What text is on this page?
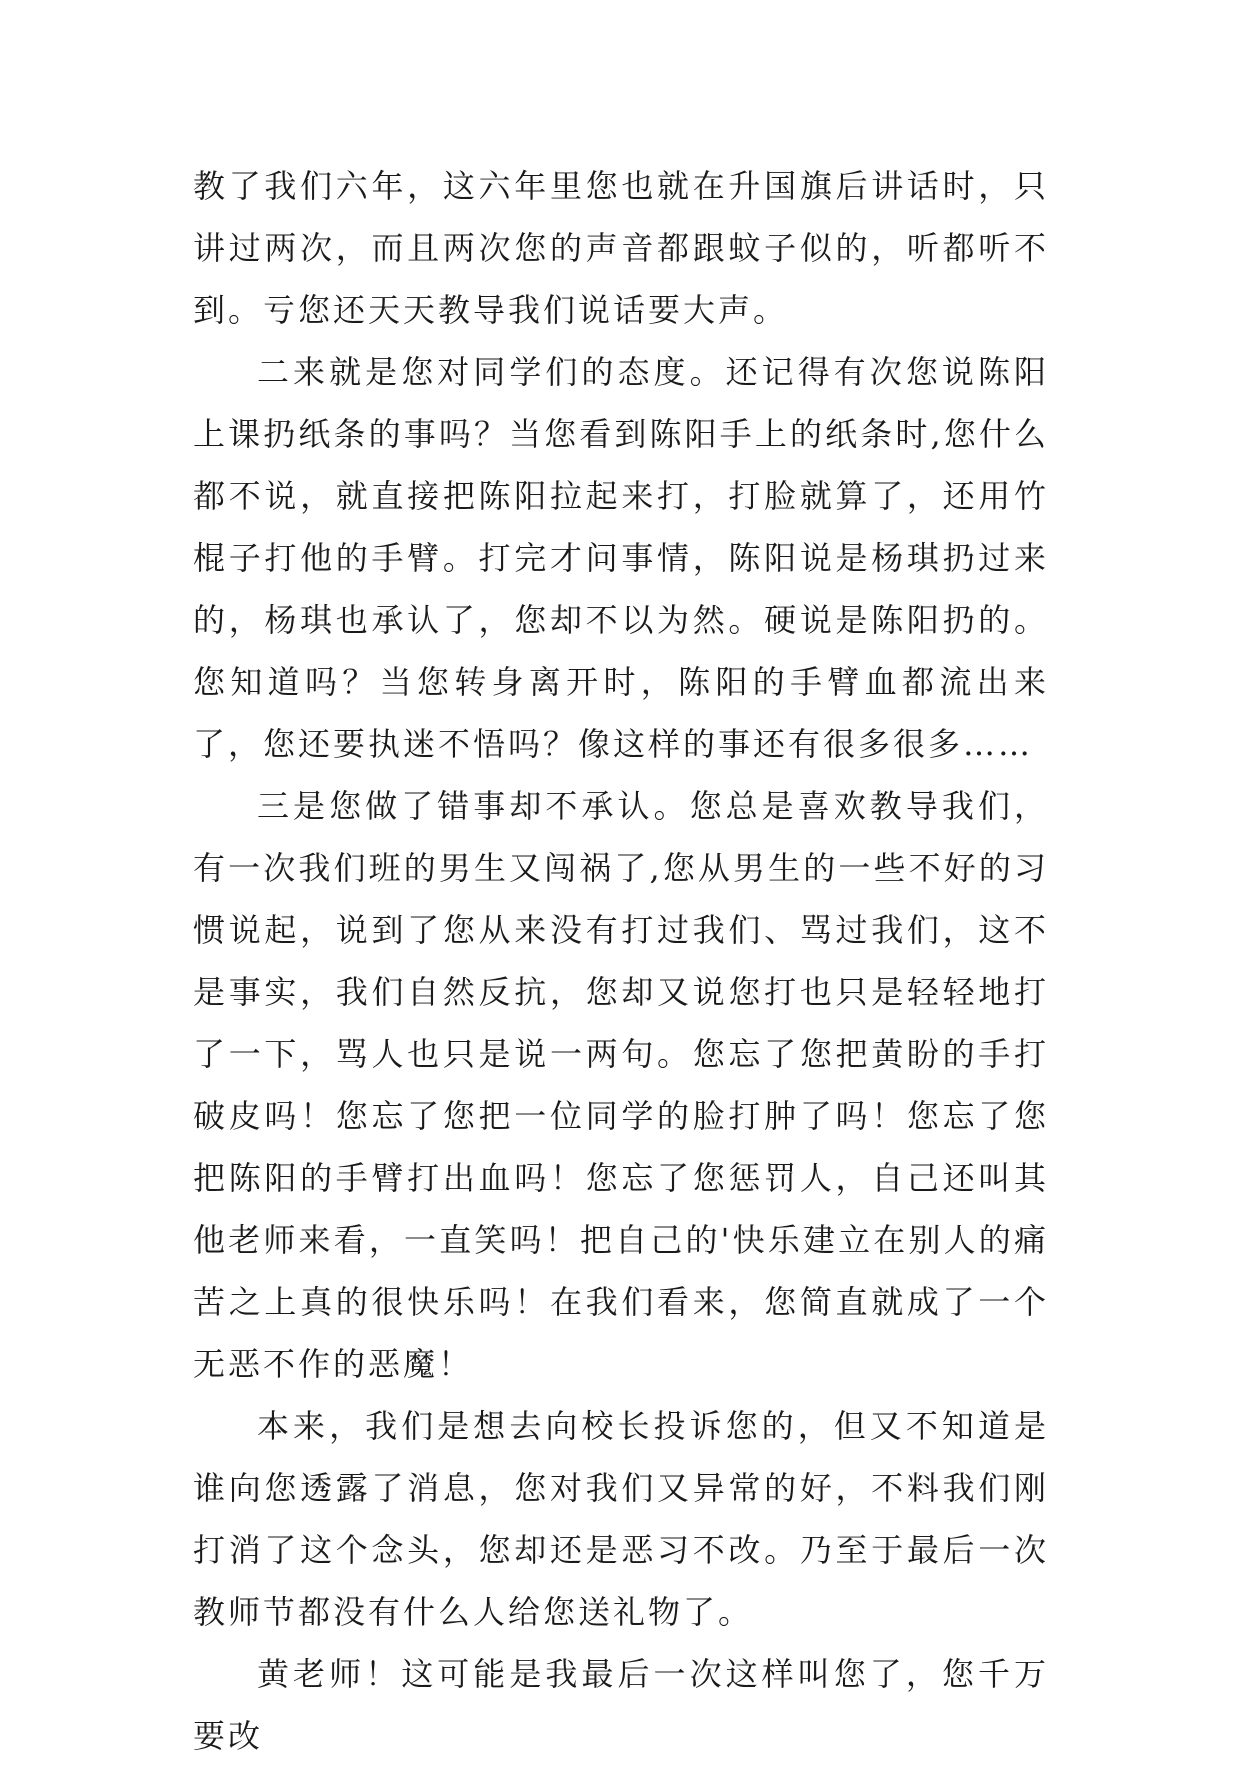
教了我们六年，这六年里您也就在升国旗后讲话时，只讲过两次，而且两次您的声音都跟蚊子似的，听都听不到。亏您还天天教导我们说话要大声。

二来就是您对同学们的态度。还记得有次您说陈阳上课扔纸条的事吗？当您看到陈阳手上的纸条时,您什么都不说，就直接把陈阳拉起来打，打脸就算了，还用竹棍子打他的手臂。打完才问事情，陈阳说是杨琪扔过来的，杨琪也承认了，您却不以为然。硬说是陈阳扔的。您知道吗？当您转身离开时，陈阳的手臂血都流出来了，您还要执迷不悟吗？像这样的事还有很多很多……

三是您做了错事却不承认。您总是喜欢教导我们，有一次我们班的男生又闯祸了,您从男生的一些不好的习惯说起，说到了您从来没有打过我们、骂过我们，这不是事实，我们自然反抗，您却又说您打也只是轻轻地打了一下，骂人也只是说一两句。您忘了您把黄盼的手打破皮吗！您忘了您把一位同学的脸打肿了吗！您忘了您把陈阳的手臂打出血吗！您忘了您惩罚人，自己还叫其他老师来看，一直笑吗！把自己的'快乐建立在别人的痛苦之上真的很快乐吗！在我们看来，您简直就成了一个无恶不作的恶魔！

本来，我们是想去向校长投诉您的，但又不知道是谁向您透露了消息，您对我们又异常的好，不料我们刚打消了这个念头，您却还是恶习不改。乃至于最后一次教师节都没有什么人给您送礼物了。

黄老师！这可能是我最后一次这样叫您了，您千万要改
